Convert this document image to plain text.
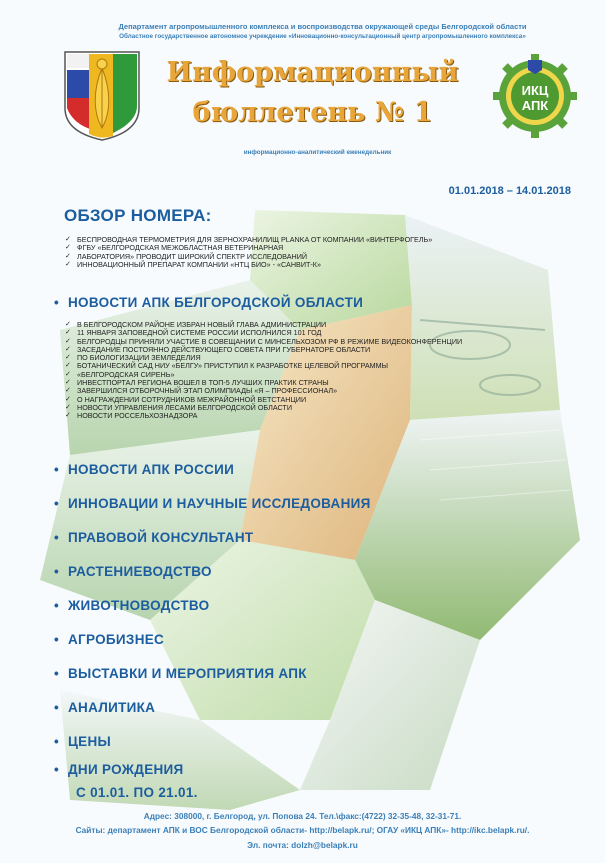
Департамент агропромышленного комплекса и воспроизводства окружающей среды Белгородской области
Областное государственное автономное учреждение «Инновационно-консультационный центр агропромышленного комплекса»
Информационный
бюллетень № 1
ИКЦ
АПК
информационно-аналитический еженедельник
01.01.2018 – 14.01.2018
ОБЗОР НОМЕРА:
✓ БЕСПРОВОДНАЯ ТЕРМОМЕТРИЯ ДЛЯ ЗЕРНОХРАНИЛИЩ PLANKA ОТ КОМПАНИИ «ВИНТЕРФОГЕЛЬ»
✓ ФГБУ «БЕЛГОРОДСКАЯ МЕЖОБЛАСТНАЯ ВЕТЕРИНАРНАЯ
✓ ЛАБОРАТОРИЯ» ПРОВОДИТ ШИРОКИЙ СПЕКТР ИССЛЕДОВАНИЙ
✓ ИННОВАЦИОННЫЙ ПРЕПАРАТ КОМПАНИИ «НТЦ БИО» - «САНВИТ-К»
• НОВОСТИ АПК БЕЛГОРОДСКОЙ ОБЛАСТИ
✓ В БЕЛГОРОДСКОМ РАЙОНЕ ИЗБРАН НОВЫЙ ГЛАВА АДМИНИСТРАЦИИ
✓ 11 ЯНВАРЯ ЗАПОВЕДНОЙ СИСТЕМЕ РОССИИ ИСПОЛНИЛСЯ 101 ГОД
✓ БЕЛГОРОДЦЫ ПРИНЯЛИ УЧАСТИЕ В СОВЕЩАНИИ С МИНСЕЛЬХОЗОМ РФ В РЕЖИМЕ ВИДЕОКОНФЕРЕНЦИИ
✓ ЗАСЕДАНИЕ ПОСТОЯННО ДЕЙСТВУЮЩЕГО СОВЕТА ПРИ ГУБЕРНАТОРЕ ОБЛАСТИ
✓ ПО БИОЛОГИЗАЦИИ ЗЕМЛЕДЕЛИЯ
✓ БОТАНИЧЕСКИЙ САД НИУ «БЕЛГУ» ПРИСТУПИЛ К РАЗРАБОТКЕ ЦЕЛЕВОЙ ПРОГРАММЫ
✓ «БЕЛГОРОДСКАЯ СИРЕНЬ»
✓ ИНВЕСТПОРТАЛ РЕГИОНА ВОШЕЛ В ТОП-5 ЛУЧШИХ ПРАКТИК СТРАНЫ
✓ ЗАВЕРШИЛСЯ ОТБОРОЧНЫЙ ЭТАП ОЛИМПИАДЫ «Я – ПРОФЕССИОНАЛ»
✓ О НАГРАЖДЕНИИ СОТРУДНИКОВ МЕЖРАЙОННОЙ ВЕТСТАНЦИИ
✓ НОВОСТИ УПРАВЛЕНИЯ ЛЕСАМИ БЕЛГОРОДСКОЙ ОБЛАСТИ
✓ НОВОСТИ РОССЕЛЬХОЗНАДЗОРА
• НОВОСТИ АПК РОССИИ
• ИННОВАЦИИ И НАУЧНЫЕ ИССЛЕДОВАНИЯ
• ПРАВОВОЙ КОНСУЛЬТАНТ
• РАСТЕНИЕВОДСТВО
• ЖИВОТНОВОДСТВО
• АГРОБИЗНЕС
• ВЫСТАВКИ И МЕРОПРИЯТИЯ АПК
• АНАЛИТИКА
• ЦЕНЫ
• ДНИ РОЖДЕНИЯ
С 01.01. ПО 21.01.
Адрес: 308000, г. Белгород, ул. Попова 24. Тел.\факс:(4722) 32-35-48, 32-31-71.
Сайты: департамент АПК и ВОС Белгородской области- http://belapk.ru/; ОГАУ «ИКЦ АПК»- http://ikc.belapk.ru/.
Эл. почта: dolzh@belapk.ru
